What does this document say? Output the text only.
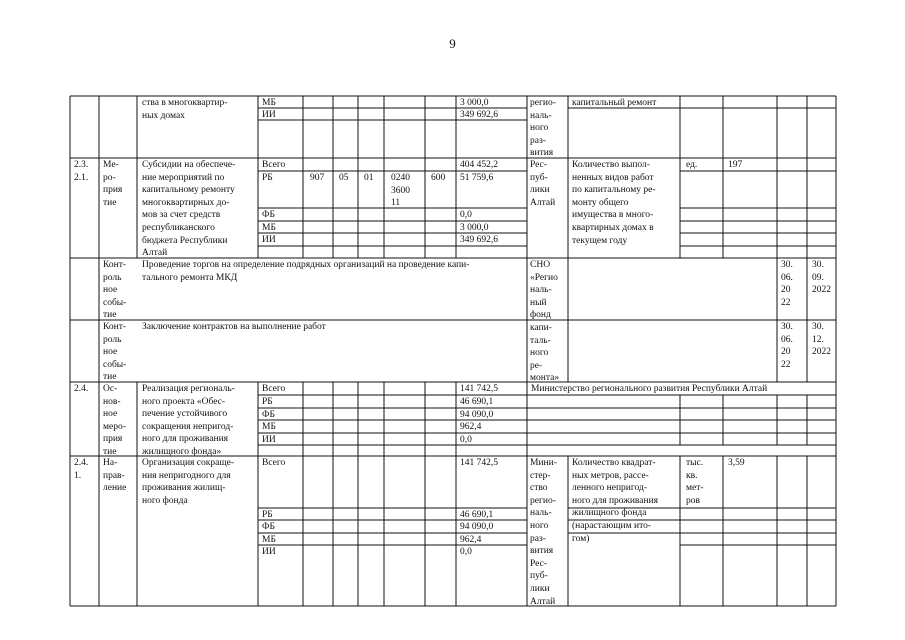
9

ства в многоквартир-
ных домах

МБ

ИИ

3 000,0

349 692,6

регио-
наль-
ного
раз-
вития

капитальный ремонт

2.3.
2.1.

Ме-
ро-
прия
тие

Субсидии на обеспече-
ние мероприятий по
капитальному ремонту
многоквартирных до-
мов за счет средств
республиканского
бюджета Республики
Алтай

Всего

РБ

ФБ

МБ

ИИ

907 05 01 0240
3600
11

600

404 452,2

51 759,6

0,0

3 000,0

349 692,6

Рес-
пуб-
лики
Алтай

Количество выпол-
ненных видов работ
по капитальному ре-
монту общего
имущества в много-
квартирных домах в
текущем году

ед.	197

Конт-
роль
ное
собы-
тие

Проведение торгов на определение подрядных организаций на проведение капи-
тального ремонта МКД

СНО
«Регио
наль-
ный
фонд
капи-
таль-
ного
ре-
монта»

30.
06.
20
22

30.
09.
2022

Конт-
роль
ное
собы-
тие

Заключение контрактов на выполнение работ	30.
06.
20
22

30.
12.
2022

2.4. Ос-
нов-
ное
меро-
прия
тие

Реализация региональ-
ного проекта «Обес-
печение устойчивого
сокращения непригод-
ного для проживания
жилищного фонда»

Всего

РБ

ФБ

МБ

ИИ

141 742,5

46 690,1

94 090,0

962,4

0,0

Министерство регионального развития Республики Алтай

2.4.
1.

На-
прав-
ление

Организация сокраще-
ния непригодного для
проживания жилищ-
ного фонда

Всего

РБ

ФБ

МБ

ИИ

141 742,5

46 690,1

94 090,0

962,4

0,0

Мини-
стер-
ство
регио-
наль-
ного
раз-
вития
Рес-
пуб-
лики
Алтай

Количество квадрат-
ных метров, рассе-
ленного непригод-
ного для проживания
жилищного фонда
(нарастающим ито-
гом)

тыс.
кв.
мет-
ров

3,59
